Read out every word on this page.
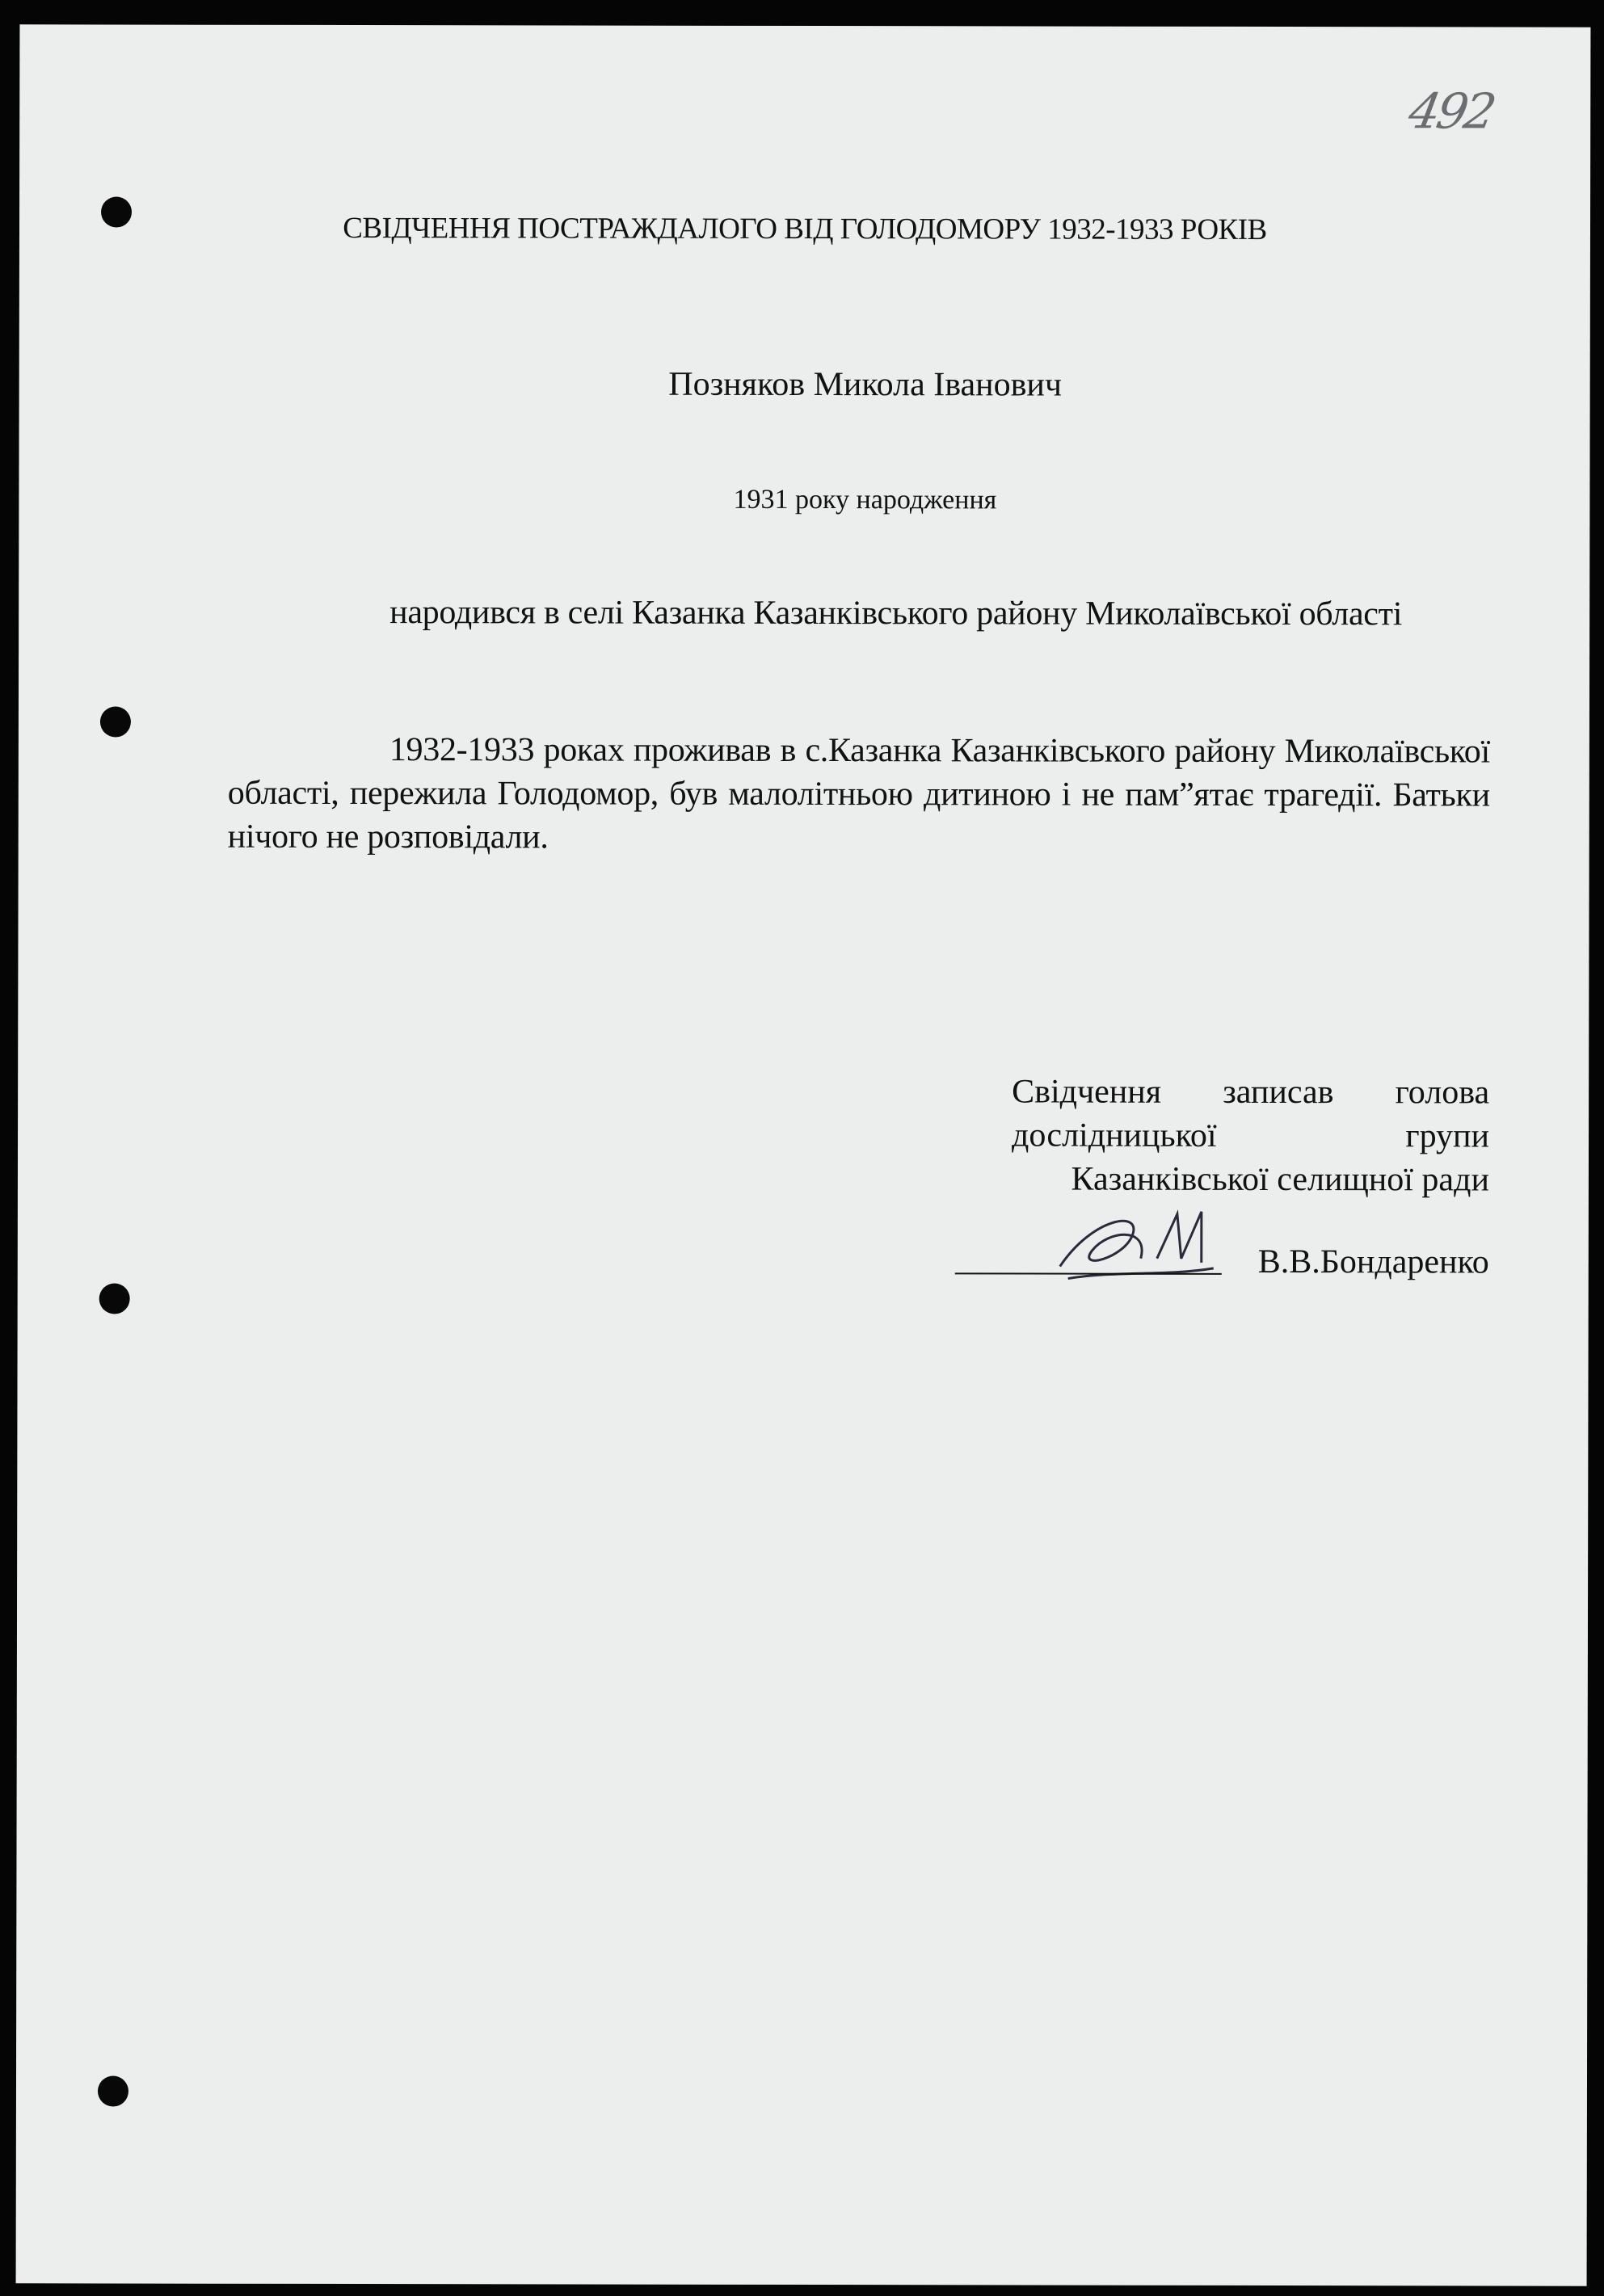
492
СВІДЧЕННЯ ПОСТРАЖДАЛОГО ВІД ГОЛОДОМОРУ 1932-1933 РОКІВ
Позняков Микола Іванович
1931 року народження
народився в селі Казанка Казанківського району Миколаївської області
1932-1933 роках проживав в с.Казанка Казанківського району Миколаївської області, пережила Голодомор, був малолітньою дитиною і не пам”ятає трагедії. Батьки нічого не розповідали.
Свідчення записав голова дослідницької групи
Казанківської селищної ради
В.В.Бондаренко
